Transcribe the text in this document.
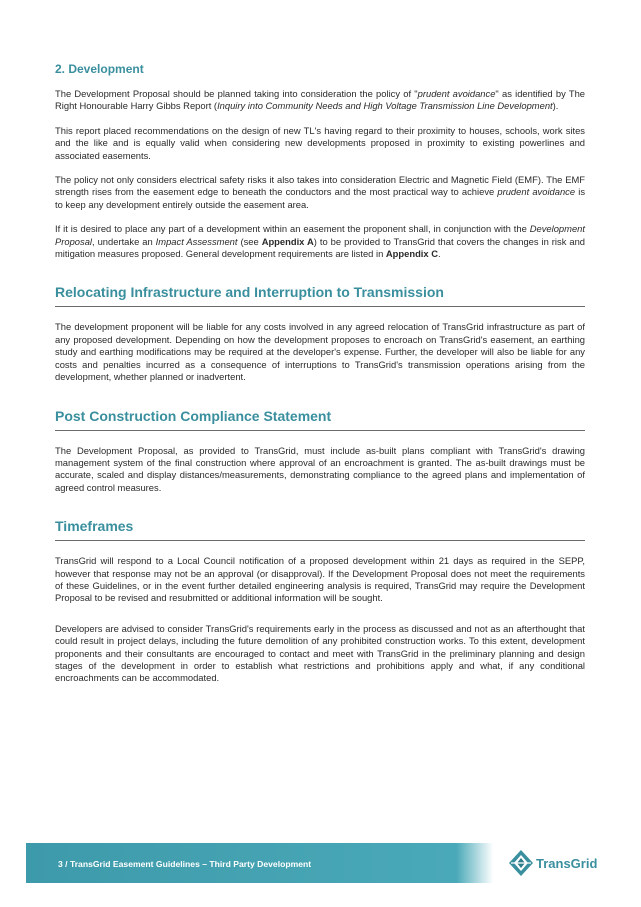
2. Development

The Development Proposal should be planned taking into consideration the policy of "prudent avoidance" as identified by The Right Honourable Harry Gibbs Report (Inquiry into Community Needs and High Voltage Transmission Line Development).

This report placed recommendations on the design of new TL's having regard to their proximity to houses, schools, work sites and the like and is equally valid when considering new developments proposed in proximity to existing powerlines and associated easements.

The policy not only considers electrical safety risks it also takes into consideration Electric and Magnetic Field (EMF). The EMF strength rises from the easement edge to beneath the conductors and the most practical way to achieve prudent avoidance is to keep any development entirely outside the easement area.

If it is desired to place any part of a development within an easement the proponent shall, in conjunction with the Development Proposal, undertake an Impact Assessment (see Appendix A) to be provided to TransGrid that covers the changes in risk and mitigation measures proposed. General development requirements are listed in Appendix C.

Relocating Infrastructure and Interruption to Transmission

The development proponent will be liable for any costs involved in any agreed relocation of TransGrid infrastructure as part of any proposed development. Depending on how the development proposes to encroach on TransGrid's easement, an earthing study and earthing modifications may be required at the developer's expense. Further, the developer will also be liable for any costs and penalties incurred as a consequence of interruptions to TransGrid's transmission operations arising from the development, whether planned or inadvertent.

Post Construction Compliance Statement

The Development Proposal, as provided to TransGrid, must include as-built plans compliant with TransGrid's drawing management system of the final construction where approval of an encroachment is granted. The as-built drawings must be accurate, scaled and display distances/measurements, demonstrating compliance to the agreed plans and implementation of agreed control measures.

Timeframes

TransGrid will respond to a Local Council notification of a proposed development within 21 days as required in the SEPP, however that response may not be an approval (or disapproval). If the Development Proposal does not meet the requirements of these Guidelines, or in the event further detailed engineering analysis is required, TransGrid may require the Development Proposal to be revised and resubmitted or additional information will be sought.

Developers are advised to consider TransGrid's requirements early in the process as discussed and not as an afterthought that could result in project delays, including the future demolition of any prohibited construction works. To this extent, development proponents and their consultants are encouraged to contact and meet with TransGrid in the preliminary planning and design stages of the development in order to establish what restrictions and prohibitions apply and what, if any conditional encroachments can be accommodated.

3 / TransGrid Easement Guidelines – Third Party Development	TransGrid
